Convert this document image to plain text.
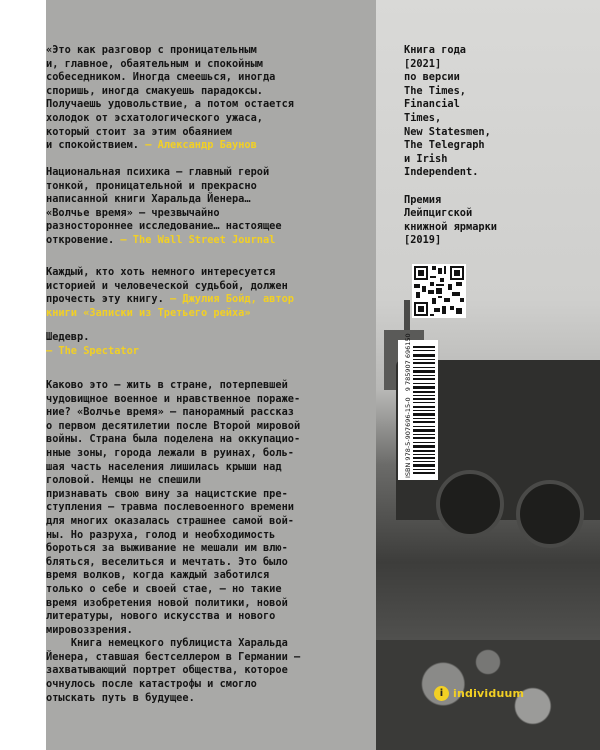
«Это как разговор с проницательным
и, главное, обаятельным и спокойным
собеседником. Иногда смеешься, иногда
споришь, иногда смакуешь парадоксы.
Получаешь удовольствие, а потом остается
холодок от эсхатологического ужаса,
который стоит за этим обаянием
и спокойствием. – Александр Баунов

Национальная психика – главный герой
тонкой, проницательной и прекрасно
написанной книги Харальда Йенера…
«Волчье время» – чрезвычайно
разностороннее исследование… настоящее
откровение. – The Wall Street Journal

Каждый, кто хоть немного интересуется
историей и человеческой судьбой, должен
прочесть эту книгу. – Джулия Бойд, автор
книги «Записки из Третьего рейха»

Шедевр.
– The Spectator

Каково это – жить в стране, потерпевшей
чудовищное военное и нравственное пораже-
ние? «Волчье время» – панорамный рассказ
о первом десятилетии после Второй мировой
войны. Страна была поделена на оккупацио-
нные зоны, города лежали в руинах, боль-
шая часть населения лишилась крыши над
головой. Немцы не спешили
признавать свою вину за нацистские пре-
ступления – травма послевоенного времени
для многих оказалась страшнее самой вой-
ны. Но разруха, голод и необходимость
бороться за выживание не мешали им влю-
бляться, веселиться и мечтать. Это было
время волков, когда каждый заботился
только о себе и своей стае, – но такие
время изобретения новой политики, новой
литературы, нового искусства и нового
мировоззрения.

Книга немецкого публициста Харальда
Йенера, ставшая бестселлером в Германии –
захватывающий портрет общества, которое
очнулось после катастрофы и смогло
отыскать путь в будущее.

Книга года
[2021]
по версии
The Times,
Financial
Times,
New Statesmen,
The Telegraph
и Irish
Independent.

Премия
Лейпцигской
книжной ярмарки
[2019]
ISBN 978-5-907696-15-0   9 785907 696150
i individuum
